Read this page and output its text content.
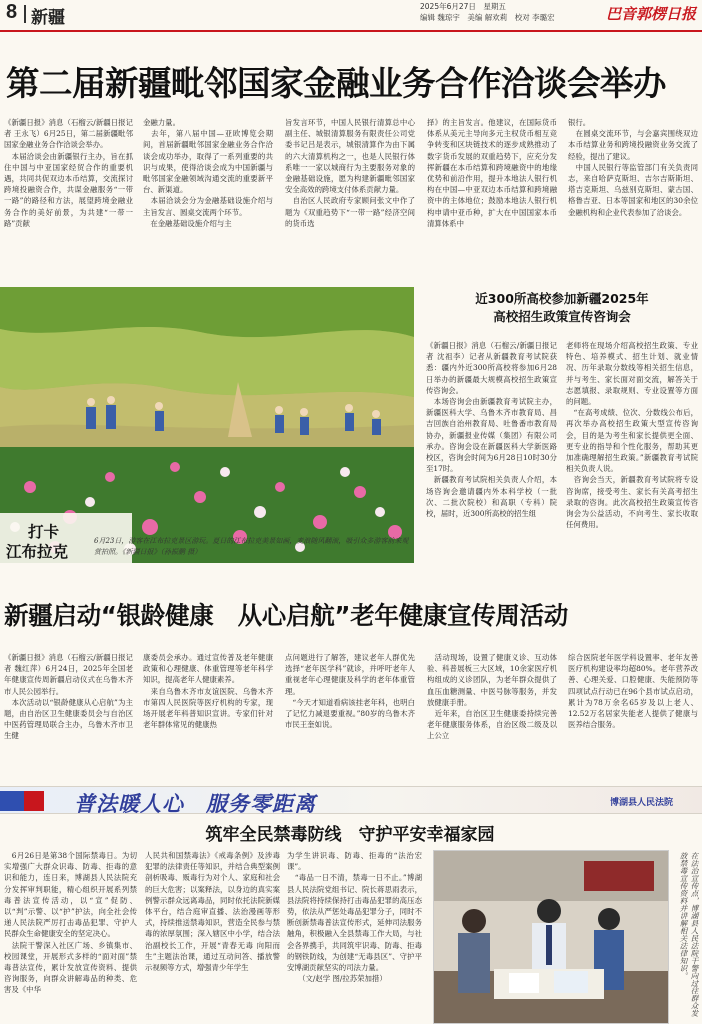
8 新疆
2025年6月27日　星期五
编辑 魏琼宇　美编 解欢莉　校对 李璐宏	巴音郭楞日报
第二届新疆毗邻国家金融业务合作洽谈会举办
《新疆日报》消息（石榴云/新疆日报记者 王永飞）6月25日，第二届新疆毗邻国家金融业务合作洽谈会举办。
　本届洽谈会由新疆银行主办，旨在抓住中国与中亚国家经贸合作的重要机遇，共同共促双边本币结算，交流探讨跨境投融资合作，共谋金融服务“一带一路”的路径和方法，展望跨境金融业务合作的美好前景，为共建“一带一路”贡献
金融力量。
　去年，第八届中国—亚欧博览会期间，首届新疆毗邻国家金融业务合作洽谈会成功举办，取得了一系列重要的共识与成果，使得洽谈会成为中国新疆与毗邻国家金融领域沟通交流的重要新平台、新渠道。
　本届洽谈会分为金融基础设施介绍与主旨发言、圆桌交流两个环节。
　在金融基础设施介绍与主
旨发言环节，中国人民银行清算总中心副主任、城银清算服务有限责任公司党委书记吕是表示，城银清算作为由下属的六大清算机构之一，也是人民银行体系唯一一家以城商行为主要服务对象的金融基础设施，愿为构建新疆毗邻国家安全高效的跨境支付体系贡献力量。
　自治区人民政府专家顾问张文中作了题为《双重趋势下“一带一路”经济空间的货币选
择》的主旨发言。他建议，在国际货币体系从美元主导向多元主权货币相互竞争转变和区块链技术的逐步成熟推动了数字货币发展的双重趋势下，应充分发挥新疆在本币结算和跨境融资中的地缘优势和前沿作用，提升本地法人银行机构在中国—中亚双边本币结算和跨境融资中的主体地位；鼓励本地法人银行机构申请中亚币种，扩大在中国国家本币清算体系中
银行。
　在圆桌交流环节，与会嘉宾围绕双边本币结算业务和跨境投融资业务交流了经验，提出了建议。
　中国人民银行等监管部门有关负责同志，来自哈萨克斯坦、吉尔吉斯斯坦、塔吉克斯坦、乌兹别克斯坦、蒙古国、格鲁吉亚、日本等国家和地区的30余位金融机构和企业代表参加了洽谈会。
打卡
江布拉克
6月23日，游客在江布拉克景区游玩。夏日的江布拉克美景如画，麦浪随风翻滚，吸引众多游客前来观赏拍照。《新疆日报》（孙振鹏 摄）
近300所高校参加新疆2025年
高校招生政策宣传咨询会
《新疆日报》消息（石榴云/新疆日报记者 沈祖李）记者从新疆教育考试院获悉：疆内外近300所高校将参加6月28日举办的新疆最大规模高校招生政策宣传咨询会。
　本场咨询会由新疆教育考试院主办，新疆医科大学、乌鲁木齐市教育局、昌吉回族自治州教育局、吐鲁番市教育局协办，新疆报业传媒（集团）有限公司承办。咨询会设在新疆医科大学新医路校区，咨询会时间为6月28日10时30分至17时。
　新疆教育考试院相关负责人介绍，本场咨询会邀请疆内外本科学校（一批次、二批次院校）和高职（专科）院校，届时，近300所高校的招生组
老师将在现场介绍高校招生政策、专业特色、培养模式、招生计划、就业情况、历年录取分数线等相关招生信息，并与考生、家长面对面交流，解答关于志愿填报、录取规则、专业设置等方面的问题。
　“在高考成绩、位次、分数线公布后，再次举办高校招生政策大型宣传咨询会，目的是为考生和家长提供更全面、更专业的指导和个性化服务，帮助其更加准确理解招生政策。”新疆教育考试院相关负责人说。
　咨询会当天，新疆教育考试院将专设咨询席，接受考生、家长有关高考招生录取的咨询。此次高校招生政策宣传咨询会为公益活动，不向考生、家长收取任何费用。
新疆启动“银龄健康　从心启航”老年健康宣传周活动
《新疆日报》消息（石榴云/新疆日报记者 魏红萍）6月24日，2025年全国老年健康宣传周新疆启动仪式在乌鲁木齐市人民公园举行。
　本次活动以“银龄健康从心启航”为主题，由自治区卫生健康委员会与自治区中医药管理局联合主办，乌鲁木齐市卫生健
康委员会承办。通过宣传普及老年健康政策和心理健康、体重管理等老年科学知识，提高老年人健康素养。
　来自乌鲁木齐市友谊医院、乌鲁木齐市第四人民医院等医疗机构的专家，现场开展老年科普知识宣讲。专家们针对老年群体常见的健康热
点问题进行了解答，建议老年人群优先选择“老年医学科”就诊，并呼吁老年人重视老年心理健康及科学的老年体重管理。
　“今天才知道看病该挂老年科，也明白了记忆力减退要重视。”80岁的乌鲁木齐市民王奎如说。
　活动现场，设置了健康义诊、互动体验、科普展板三大区域，10余家医疗机构组成的义诊团队，为老年群众提供了血压血糖测量、中医号脉等服务，并发放健康手册。
　近年来，自治区卫生健康委持续完善老年健康服务体系，自治区级二级及以上公立
综合医院老年医学科设置率、老年友善医疗机构建设率均超80%。老年营养改善、心理关爱、口腔健康、失能预防等四项试点行动已在96个县市试点启动，累计为78万余名65岁及以上老人、12.52万名居家失能老人提供了健康与医养结合服务。
普法暖人心　服务零距离	博湖县人民法院
筑牢全民禁毒防线　守护平安幸福家园
　6月26日是第38个国际禁毒日。为切实增强广大群众识毒、防毒、拒毒的意识和能力，连日来，博湖县人民法院充分发挥审判职能，精心组织开展系列禁毒普法宣传活动，以“宣”促防、以“判”示警、以“护”护法，向全社会传递人民法院严厉打击毒品犯罪、守护人民群众生命健康安全的坚定决心。
　法院干警深入社区广场、乡镇集市、校园课堂，开展形式多样的“面对面”禁毒普法宣传，累计发放宣传资料、提供咨询服务，向群众讲解毒品的种类、危害及《中华
人民共和国禁毒法》《戒毒条例》及涉毒犯罪的法律责任等知识，并结合典型案例剖析吸毒、贩毒行为对个人、家庭和社会的巨大危害；以案释法，以身边的真实案例警示群众远离毒品，同时依托法院新媒体平台，结合庭审直播、法治漫画等形式，持续推送禁毒知识，营造全民参与禁毒的浓厚氛围；深入辖区中小学，结合法治副校长工作，开展“青春无毒 向阳而生”主题法治课，通过互动问答、播放警示视频等方式，增强青少年学生
为学生讲识毒、防毒、拒毒的“法治宏课”。
　“毒品一日不清，禁毒一日不止。”博湖县人民法院党组书记、院长蒋思雨表示，县法院将持续保持打击毒品犯罪的高压态势，依法从严惩处毒品犯罪分子，同时不断创新禁毒普法宣传形式，延伸司法服务触角，积极融入全县禁毒工作大局，与社会各界携手，共同筑牢识毒、防毒、拒毒的钢铁防线，为创建“无毒县区”、守护平安博湖贡献坚实的司法力量。
　　（文/赵学 图/拉苏荣加措）	在法治宣传点，博湖县人民法院干警向过往群众发放禁毒宣传资料并讲解相关法律知识。
